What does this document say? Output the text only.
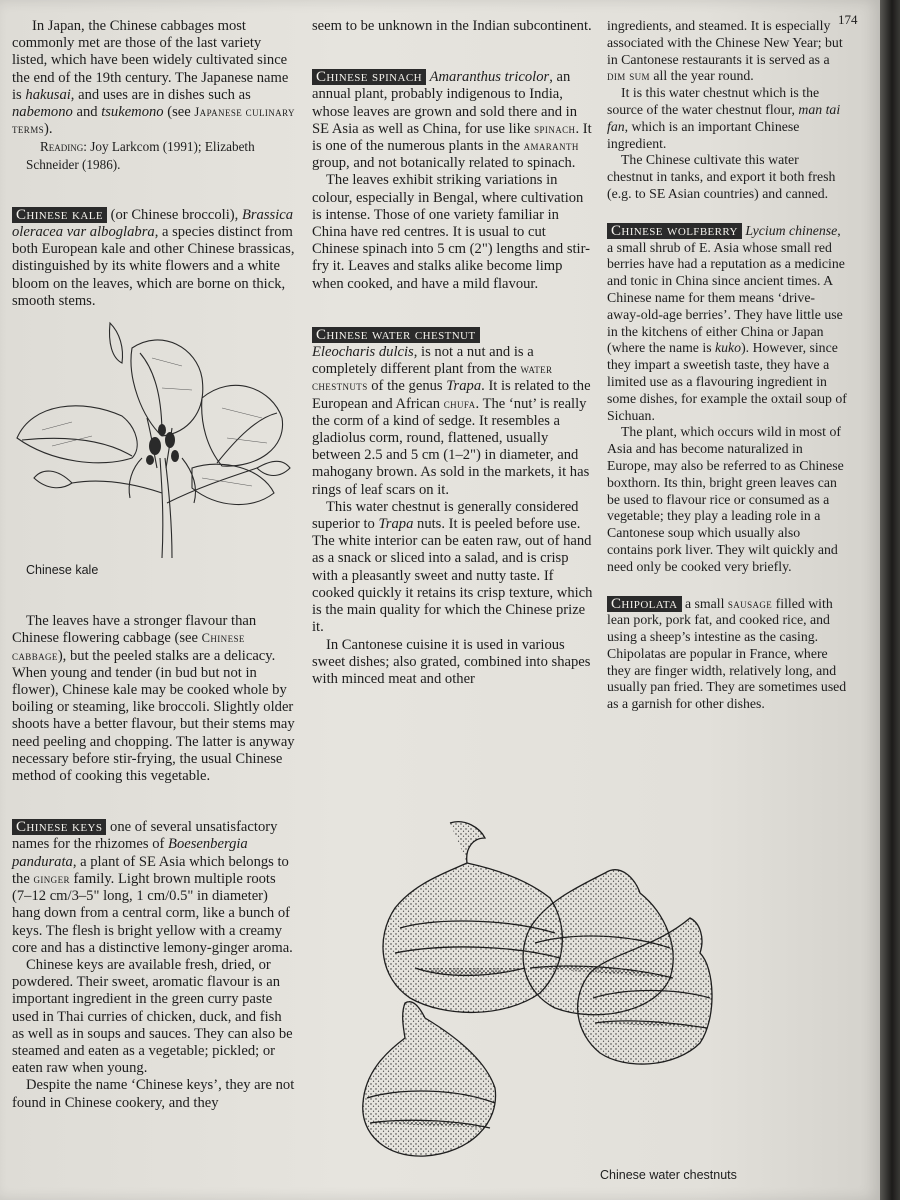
174

In Japan, the Chinese cabbages most commonly met are those of the last variety listed, which have been widely cultivated since the end of the 19th century. The Japanese name is hakusai, and uses are in dishes such as nabemono and tsukemono (see Japanese culinary terms).

Reading: Joy Larkcom (1991); Elizabeth Schneider (1986).

Chinese kale (or Chinese broccoli), Brassica oleracea var alboglabra, a species distinct from both European kale and other Chinese brassicas, distinguished by its white flowers and a white bloom on the leaves, which are borne on thick, smooth stems.

Chinese kale

The leaves have a stronger flavour than Chinese flowering cabbage (see Chinese cabbage), but the peeled stalks are a delicacy. When young and tender (in bud but not in flower), Chinese kale may be cooked whole by boiling or steaming, like broccoli. Slightly older shoots have a better flavour, but their stems may need peeling and chopping. The latter is anyway necessary before stir-frying, the usual Chinese method of cooking this vegetable.

Chinese keys one of several unsatisfactory names for the rhizomes of Boesenbergia pandurata, a plant of SE Asia which belongs to the ginger family. Light brown multiple roots (7–12 cm/3–5" long, 1 cm/0.5" in diameter) hang down from a central corm, like a bunch of keys. The flesh is bright yellow with a creamy core and has a distinctive lemony-ginger aroma.

Chinese keys are available fresh, dried, or powdered. Their sweet, aromatic flavour is an important ingredient in the green curry paste used in Thai curries of chicken, duck, and fish as well as in soups and sauces. They can also be steamed and eaten as a vegetable; pickled; or eaten raw when young.

Despite the name ‘Chinese keys’, they are not found in Chinese cookery, and they

seem to be unknown in the Indian subcontinent.

Chinese spinach Amaranthus tricolor, an annual plant, probably indigenous to India, whose leaves are grown and sold there and in SE Asia as well as China, for use like spinach. It is one of the numerous plants in the amaranth group, and not botanically related to spinach.

The leaves exhibit striking variations in colour, especially in Bengal, where cultivation is intense. Those of one variety familiar in China have red centres. It is usual to cut Chinese spinach into 5 cm (2") lengths and stir-fry it. Leaves and stalks alike become limp when cooked, and have a mild flavour.

Chinese water chestnut
Eleocharis dulcis, is not a nut and is a completely different plant from the water chestnuts of the genus Trapa. It is related to the European and African chufa. The ‘nut’ is really the corm of a kind of sedge. It resembles a gladiolus corm, round, flattened, usually between 2.5 and 5 cm (1–2") in diameter, and mahogany brown. As sold in the markets, it has rings of leaf scars on it.

This water chestnut is generally considered superior to Trapa nuts. It is peeled before use. The white interior can be eaten raw, out of hand as a snack or sliced into a salad, and is crisp with a pleasantly sweet and nutty taste. If cooked quickly it retains its crisp texture, which is the main quality for which the Chinese prize it.

In Cantonese cuisine it is used in various sweet dishes; also grated, combined into shapes with minced meat and other

ingredients, and steamed. It is especially associated with the Chinese New Year; but in Cantonese restaurants it is served as a dim sum all the year round.

It is this water chestnut which is the source of the water chestnut flour, man tai fan, which is an important Chinese ingredient.

The Chinese cultivate this water chestnut in tanks, and export it both fresh (e.g. to SE Asian countries) and canned.

Chinese wolfberry Lycium chinense, a small shrub of E. Asia whose small red berries have had a reputation as a medicine and tonic in China since ancient times. A Chinese name for them means ‘drive-away-old-age berries’. They have little use in the kitchens of either China or Japan (where the name is kuko). However, since they impart a sweetish taste, they have a limited use as a flavouring ingredient in some dishes, for example the oxtail soup of Sichuan.

The plant, which occurs wild in most of Asia and has become naturalized in Europe, may also be referred to as Chinese boxthorn. Its thin, bright green leaves can be used to flavour rice or consumed as a vegetable; they play a leading role in a Cantonese soup which usually also contains pork liver. They wilt quickly and need only be cooked very briefly.

Chipolata a small sausage filled with lean pork, pork fat, and cooked rice, and using a sheep’s intestine as the casing. Chipolatas are popular in France, where they are finger width, relatively long, and usually pan fried. They are sometimes used as a garnish for other dishes.

Chinese water chestnuts
